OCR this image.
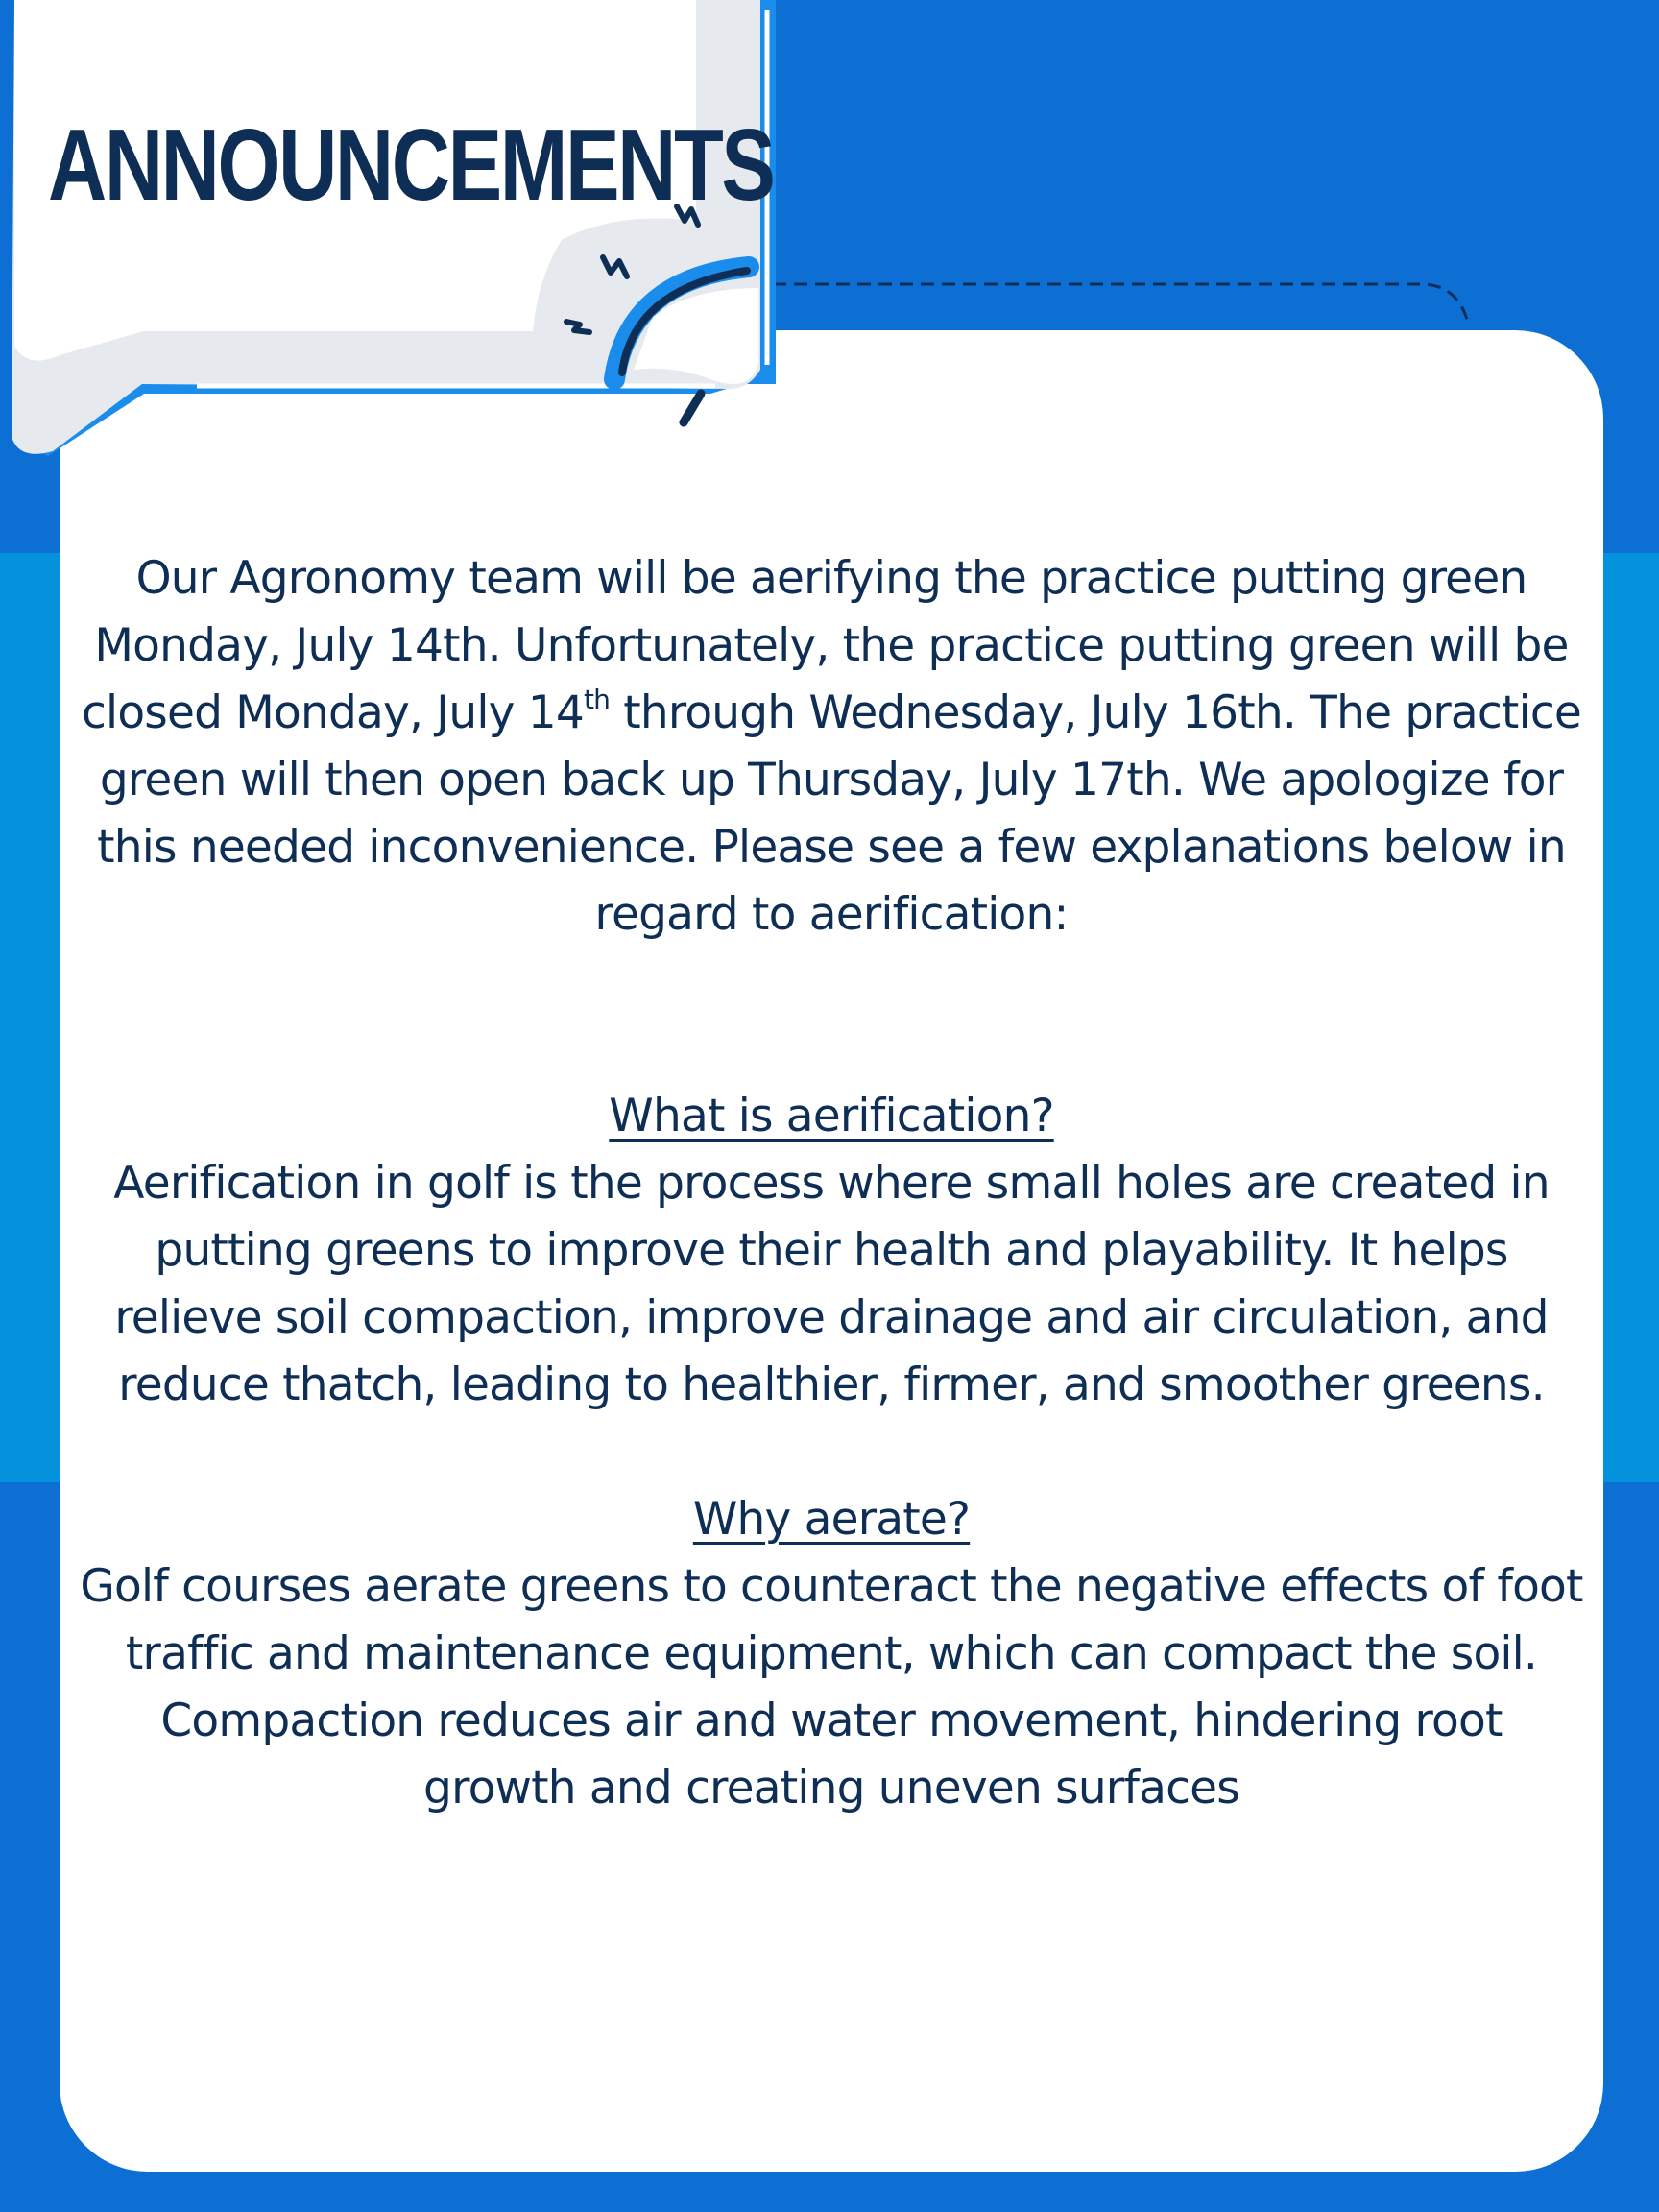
ANNOUNCEMENTS

Our Agronomy team will be aerifying the practice putting green Monday, July 14th. Unfortunately, the practice putting green will be closed Monday, July 14th through Wednesday, July 16th. The practice green will then open back up Thursday, July 17th. We apologize for this needed inconvenience. Please see a few explanations below in regard to aerification:

What is aerification?

Aerification in golf is the process where small holes are created in putting greens to improve their health and playability. It helps relieve soil compaction, improve drainage and air circulation, and reduce thatch, leading to healthier, firmer, and smoother greens.

Why aerate?

Golf courses aerate greens to counteract the negative effects of foot traffic and maintenance equipment, which can compact the soil. Compaction reduces air and water movement, hindering root growth and creating uneven surfaces
